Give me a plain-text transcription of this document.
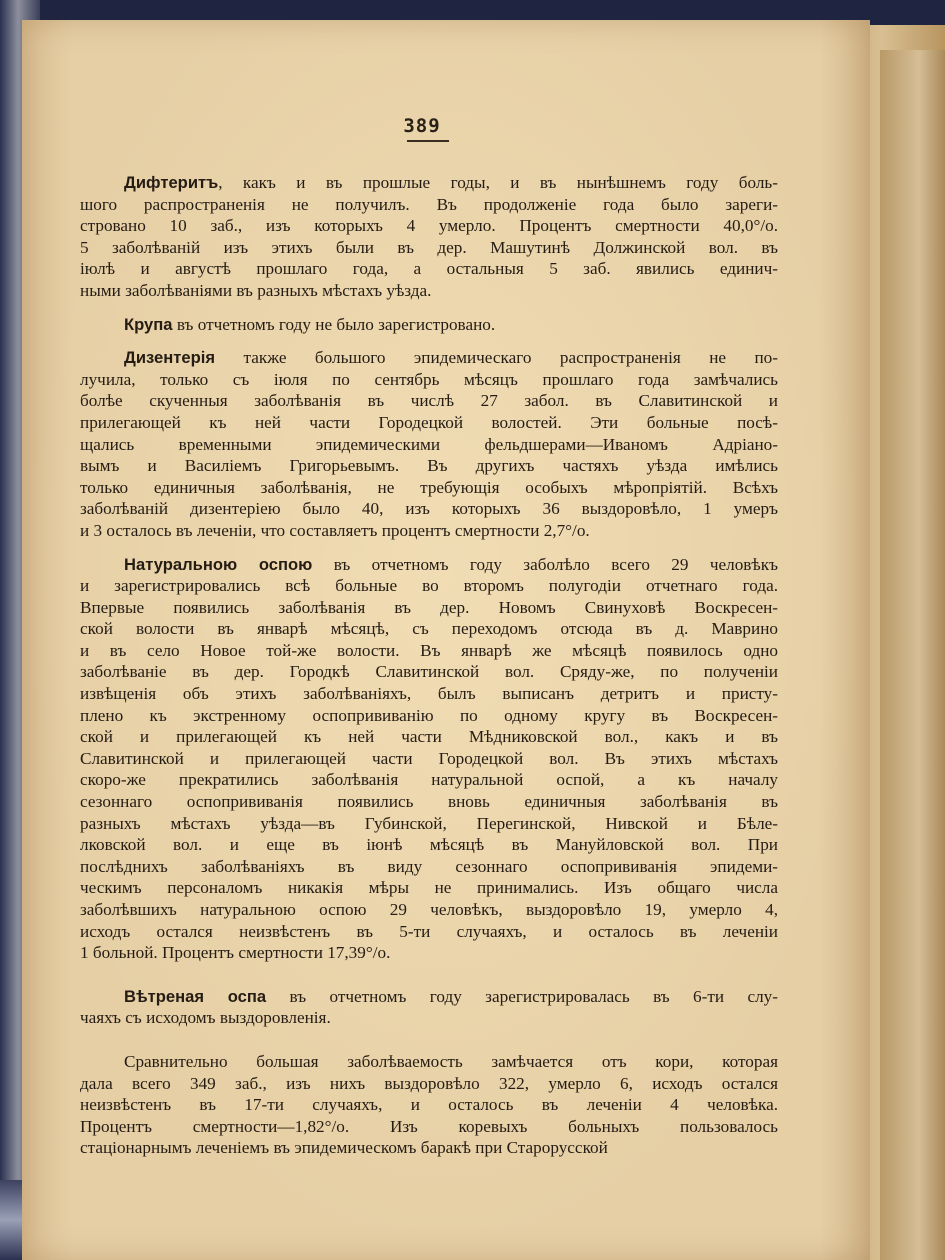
389
Дифтеритъ, какъ и въ прошлые годы, и въ нынѣшнемъ году боль-
шого распространенія не получилъ. Въ продолженіе года было зареги-
стровано 10 заб., изъ которыхъ 4 умерло. Процентъ смертности 40,0°/о.
5 заболѣваній изъ этихъ были въ дер. Машутинѣ Должинской вол. въ
іюлѣ и августѣ прошлаго года, а остальныя 5 заб. явились единич-
ными заболѣваніями въ разныхъ мѣстахъ уѣзда.
Крупа въ отчетномъ году не было зарегистровано.
Дизентерія также большого эпидемическаго распространенія не по-
лучила, только съ іюля по сентябрь мѣсяцъ прошлаго года замѣчались
болѣе скученныя заболѣванія въ числѣ 27 забол. въ Славитинской и
прилегающей къ ней части Городецкой волостей. Эти больные посѣ-
щались временными эпидемическими фельдшерами—Иваномъ Адріано-
вымъ и Василіемъ Григорьевымъ. Въ другихъ частяхъ уѣзда имѣлись
только единичныя заболѣванія, не требующія особыхъ мѣропріятій. Всѣхъ
заболѣваній дизентеріею было 40, изъ которыхъ 36 выздоровѣло, 1 умеръ
и 3 осталось въ леченіи, что составляетъ процентъ смертности 2,7°/о.
Натуральною оспою въ отчетномъ году заболѣло всего 29 человѣкъ
и зарегистрировались всѣ больные во второмъ полугодіи отчетнаго года.
Впервые появились заболѣванія въ дер. Новомъ Свинуховѣ Воскресен-
ской волости въ январѣ мѣсяцѣ, съ переходомъ отсюда въ д. Маврино
и въ село Новое той-же волости. Въ январѣ же мѣсяцѣ появилось одно
заболѣваніе въ дер. Городкѣ Славитинской вол. Сряду-же, по полученіи
извѣщенія объ этихъ заболѣваніяхъ, былъ выписанъ детритъ и присту-
плено къ экстренному оспопрививанію по одному кругу въ Воскресен-
ской и прилегающей къ ней части Мѣдниковской вол., какъ и въ
Славитинской и прилегающей части Городецкой вол. Въ этихъ мѣстахъ
скоро-же прекратились заболѣванія натуральной оспой, а къ началу
сезоннаго оспопрививанія появились вновь единичныя заболѣванія въ
разныхъ мѣстахъ уѣзда—въ Губинской, Перегинской, Нивской и Бѣле-
лковской вол. и еще въ іюнѣ мѣсяцѣ въ Мануйловской вол. При
послѣднихъ заболѣваніяхъ въ виду сезоннаго оспопрививанія эпидеми-
ческимъ персоналомъ никакія мѣры не принимались. Изъ общаго числа
заболѣвшихъ натуральною оспою 29 человѣкъ, выздоровѣло 19, умерло 4,
исходъ остался неизвѣстенъ въ 5-ти случаяхъ, и осталось въ леченіи
1 больной. Процентъ смертности 17,39°/о.
Вѣтреная оспа въ отчетномъ году зарегистрировалась въ 6-ти слу-
чаяхъ съ исходомъ выздоровленія.
Сравнительно большая заболѣваемость замѣчается отъ кори, которая
дала всего 349 заб., изъ нихъ выздоровѣло 322, умерло 6, исходъ остался
неизвѣстенъ въ 17-ти случаяхъ, и осталось въ леченіи 4 человѣка.
Процентъ смертности—1,82°/о. Изъ коревыхъ больныхъ пользовалось
стаціонарнымъ леченіемъ въ эпидемическомъ баракѣ при Старорусской
